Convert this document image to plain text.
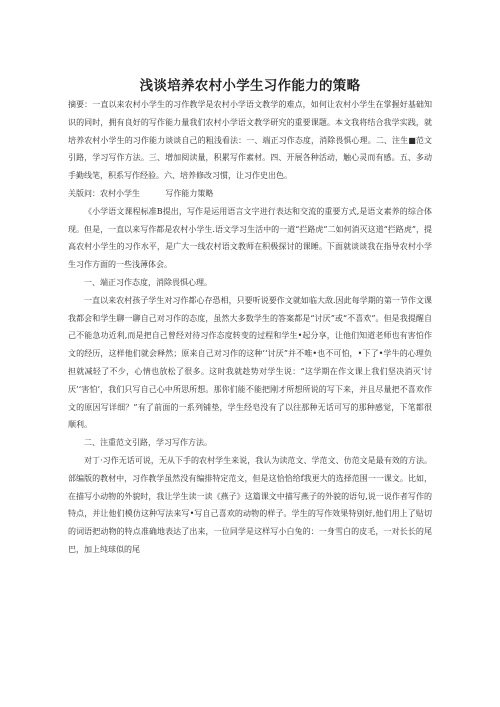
浅谈培养农村小学生习作能力的策略

摘要：一直以来农村小学生的习作教学是农村小学语文教学的难点，如何让农村小学生在掌握好基础知识的同时，拥有良好的写作能力量我们农村小学语文教学研究的重要课题。本文我将结合我学实践，就培养农村小学生的习作能力谈谈自己的粗浅看法：一、端正习作态度，消除畏惧心理。二、注生■范文引路，学习写作方法。三、增加阅读量，积累写作素材。四、开展各种活动，触心灵而有感。五、多动手勤线笔，积系写作经验。六、培养修改习惯，让习作史出色。

关版问：农村小学生          写作能力策略

《小学语文课程标准B提出，写作是运用语言文字进行表达和交流的重要方式,是语文素养的综合体现。但是，一直以来写作都是农村小学生.语文学习生活中的一道“拦路虎”二如何消灭这道“拦路虎”，提高农村小学生的习作水平，是广大一线农村语文教师在积极探讨的课睡。下面就谈谈我在指导农村小学生习作方面的一些浅薄体会。

一、端正习作态度，消除畏惧心理。

一直以来农村孩子学生对习作都心存恐相，只要听说要作文就如临大敌.因此每学期的第一节作文课我都会和学生聊一聊自己对习作的态度，虽然大多数学生的答案都是“讨厌”或“不喜欢”。但是我提醒自己不能急功近利,而是把自己曾经对待习作态度转变的过程和学生•起分享，让他们知道老师也有害怕作文的经历，这样他们就会释然；原来自己对习作的这种’‘讨厌”并不唯•也不可怕，•下了•学牛的心理负担就减轻了不少，心情也放松了很多。这时我就趁势对学生说：“这学期在作文课上我们坚决消灭‘讨厌’‘害怕’，我们只写自己心中所思所想。那你们能不能把刚才所想所说的写下来，并且尽量把不喜欢作文的原因写详细？”有了前面的一系列铺垫，学生经皂没有了以往那种无话可写的那种感觉，下笔都很顺利。

二、注重范文引路，学习写作方法。

对丁·习作无话可说，无从下手的农村学生来说，我认为读范文、学范文、仿范文是最有效的方法。部编版的教材中，习作教学虽然没有编排特定范文，但是这恰恰给f我更大的选择范围一一课文。比如，在描写小动物的外貌时，我让学生读一读《燕子》这篇课文中描写燕子的外貌的语句,说一说作者写作的特点，并让他们模仿这种写法来写•写自己喜欢的动物的样子。学生的写作效果特别好,他们用上了贴切的词语把动物的特点准确地表达了出来，一位同学是这样写小白兔的：一身雪白的皮毛，一对长长的尾巴，加上纯球似的尾
